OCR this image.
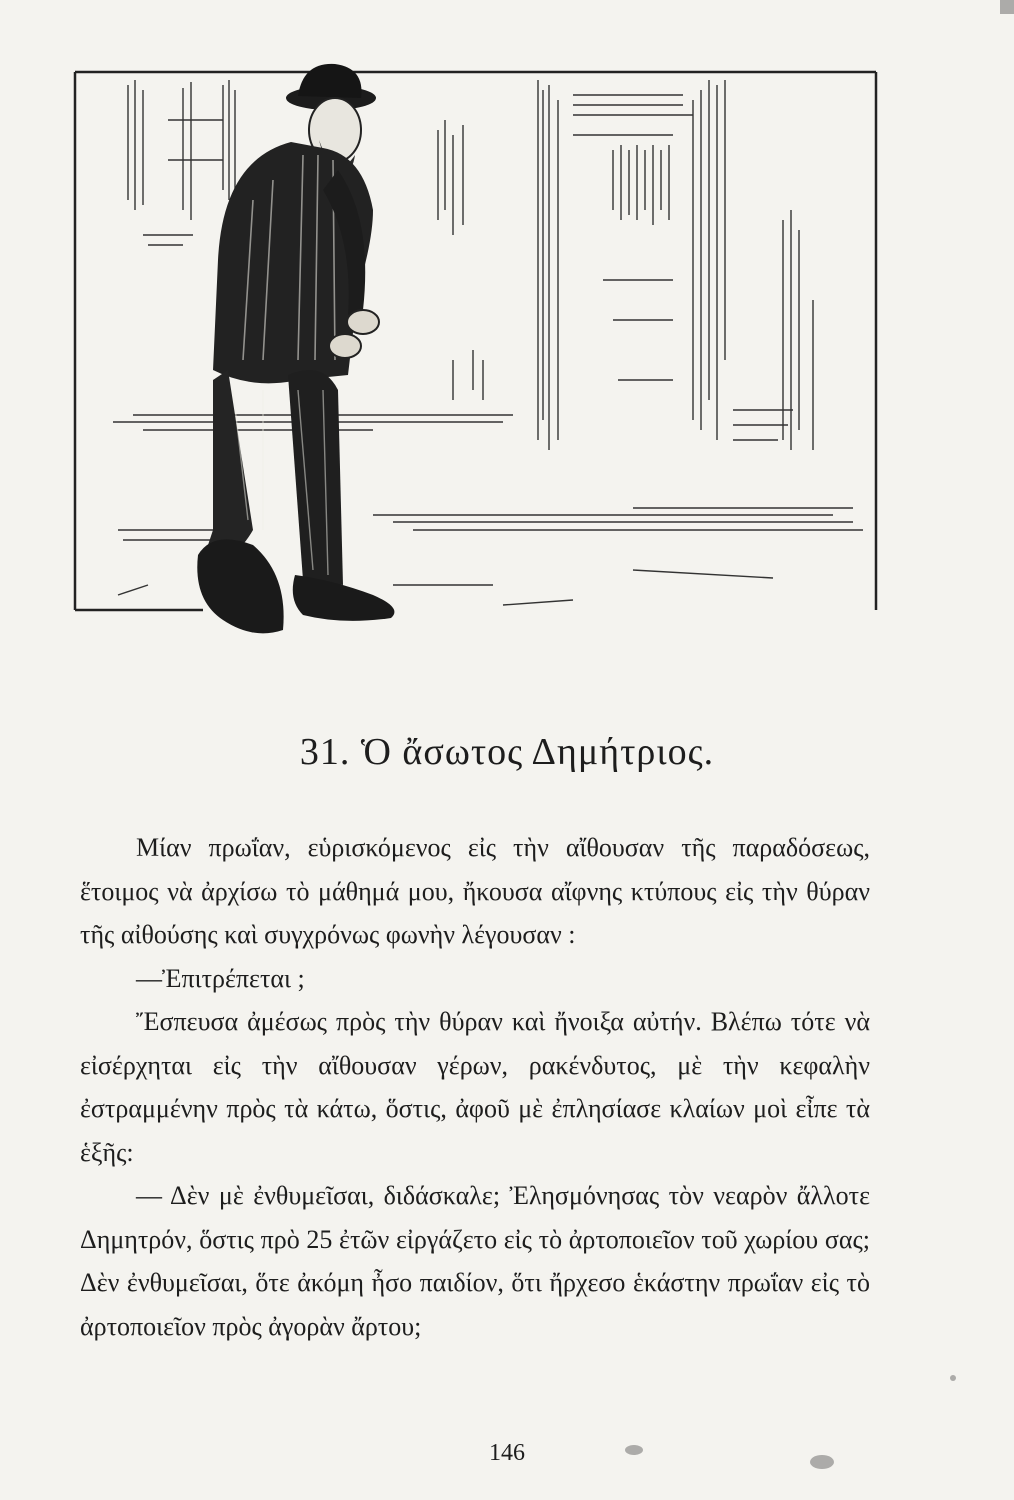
31. Ὁ ἄσωτος Δημήτριος.

Μίαν πρωΐαν, εὑρισκόμενος εἰς τὴν αἴθουσαν τῆς παραδόσεως, ἕτοιμος νὰ ἀρχίσω τὸ μάθημά μου, ἤκουσα αἴφνης κτύπους εἰς τὴν θύραν τῆς αἰθούσης καὶ συγχρόνως φωνὴν λέγουσαν :

—Ἐπιτρέπεται ;

Ἔσπευσα ἀμέσως πρὸς τὴν θύραν καὶ ἤνοιξα αὐτήν. Βλέπω τότε νὰ εἰσέρχηται εἰς τὴν αἴθουσαν γέρων, ρακένδυτος, μὲ τὴν κεφαλὴν ἐστραμμένην πρὸς τὰ κάτω, ὅστις, ἀφοῦ μὲ ἐπλησίασε κλαίων μοὶ εἶπε τὰ ἑξῆς:

— Δὲν μὲ ἐνθυμεῖσαι, διδάσκαλε; Ἐλησμόνησας τὸν νεαρὸν ἄλλοτε Δημητρόν, ὅστις πρὸ 25 ἐτῶν εἰργάζετο εἰς τὸ ἀρτοποιεῖον τοῦ χωρίου σας; Δὲν ἐνθυμεῖσαι, ὅτε ἀκόμη ἦσο παιδίον, ὅτι ἤρχεσο ἑκάστην πρωΐαν εἰς τὸ ἀρτοποιεῖον πρὸς ἀγορὰν ἄρτου;

146
